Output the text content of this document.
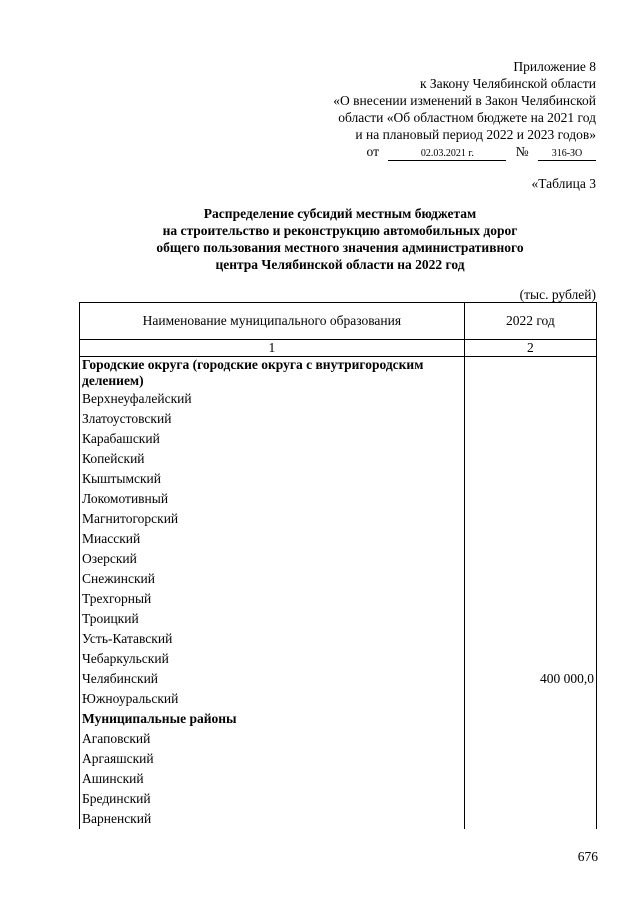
Приложение 8
к Закону Челябинской области
«О внесении изменений в Закон Челябинской
области «Об областном бюджете на 2021 год
и на плановый период 2022 и 2023 годов»
от	02.03.2021 г.	№ 316-ЗО
«Таблица 3
Распределение субсидий местным бюджетам
на строительство и реконструкцию автомобильных дорог
общего пользования местного значения административного
центра Челябинской области на 2022 год
(тыс. рублей)
Наименование муниципального образования	2022 год
1	2
Городские округа (городские округа с внутригородским делением)	
Верхнеуфалейский	
Златоустовский	
Карабашский	
Копейский	
Кыштымский	
Локомотивный	
Магнитогорский	
Миасский	
Озерский	
Снежинский	
Трехгорный	
Троицкий	
Усть-Катавский	
Чебаркульский	
Челябинский	400 000,0
Южноуральский	
Муниципальные районы	
Агаповский	
Аргаяшский	
Ашинский	
Брединский	
Варненский	
676
